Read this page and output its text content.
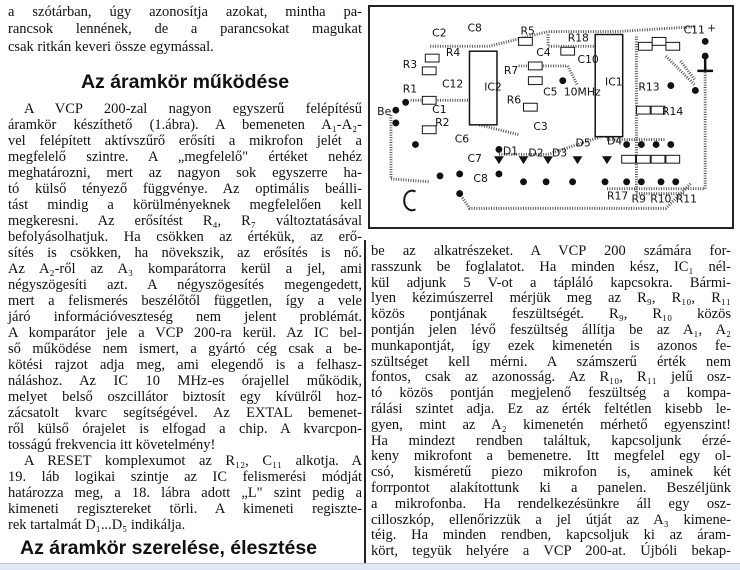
a szótárban, úgy azonosítja azokat, mintha pa-
rancsok lennének, de a parancsokat magukat
csak ritkán keveri össze egymással.
Az áramkör működése
A VCP 200-zal nagyon egyszerű felépítésű
áramkör készíthető (1.ábra). A bemeneten A₁-A₂-
vel felépített aktívszűrő erősíti a mikrofon jelét a
megfelelő szintre. A „megfelelő" értéket nehéz
meghatározni, mert az nagyon sok egyszerre ha-
tó külső tényező függvénye. Az optimális beálli-
tást mindig a körülményeknek megfelelően kell
megkeresni. Az erősítést R₄, R₇ változtatásával
befolyásolhatjuk. Ha csökken az értékük, az erő-
sítés is csökken, ha növekszik, az erősítés is nő.
Az A₂-ről az A₃ komparátorra kerül a jel, ami
négyszögesíti azt. A négyszögesítés megengedett,
mert a felismerés beszélőtől független, így a vele
járó információveszteség nem jelent problémát.
A komparátor jele a VCP 200-ra kerül. Az IC bel-
ső működése nem ismert, a gyártó cég csak a be-
kötési rajzot adja meg, ami elegendő is a felhasz-
náláshoz. Az IC 10 MHz-es órajellel működik,
melyet belső oszcillátor biztosít egy kívülről hoz-
zácsatolt kvarc segítségével. Az EXTAL bemenet-
ről külső órajelet is elfogad a chip. A kvarcpon-
tosságú frekvencia itt követelmény!
A RESET komplexumot az R₁₂, C₁₁ alkotja. A
19. láb logikai szintje az IC felismerési módját
határozza meg, a 18. lábra adott „L" szint pedig a
kimeneti regisztereket törli. A kimeneti regiszte-
rek tartalmát D₁...D₅ indikálja.
Az áramkör szerelése, élesztése
C2 C8	R5
R18
C4
C10
C11 +
R3
R4
R7
IC2
C12
C5 10MHz
IC1 R13
R1
R6
Be	C1
R2	C3
R14
C6
D1 D2 D3
D5 D4
C7
C8
R17 R9 R10 R11
be az alkatrészeket. A VCP 200 számára for-
rasszunk be foglalatot. Ha minden kész, IC₁ nél-
kül adjunk 5 V-ot a tápláló kapcsokra. Bármi-
lyen kézimúszerrel mérjük meg az R₉, R₁₀, R₁₁
közös pontjának feszültségét. R₉, R₁₀ közös
pontján jelen lévő feszültség állítja be az A₁, A₂
munkapontját, így ezek kimenetén is azonos fe-
szültséget kell mérni. A számszerű érték nem
fontos, csak az azonosság. Az R₁₀, R₁₁ jelű osz-
tó közös pontján megjelenő feszültség a kompa-
rálási szintet adja. Ez az érték feltétlen kisebb le-
gyen, mint az A₂ kimenetén mérhető egyenszint!
Ha mindezt rendben találtuk, kapcsoljunk érzé-
keny mikrofont a bemenetre. Itt megfelel egy ol-
csó, kisméretű piezo mikrofon is, aminek két
forrpontot alakítottunk ki a panelen. Beszéljünk
a mikrofonba. Ha rendelkezésünkre áll egy osz-
cilloszkóp, ellenőrizzük a jel útját az A₃ kimene-
téig. Ha minden rendben, kapcsoljuk ki az áram-
kört, tegyük helyére a VCP 200-at. Újbóli bekap-
